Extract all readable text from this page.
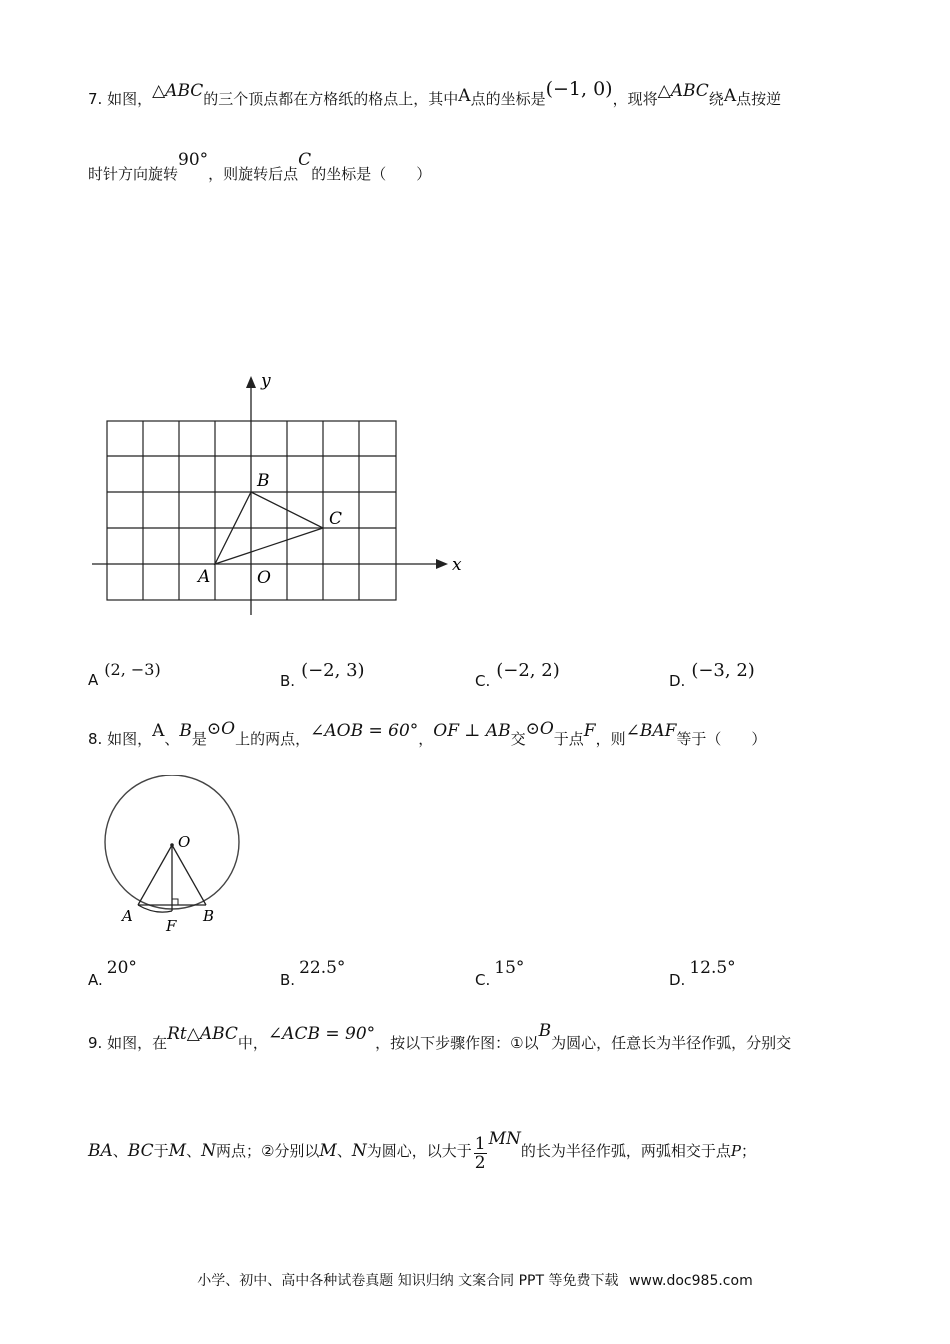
7. 如图，△ABC的三个顶点都在方格纸的格点上，其中A点的坐标是(−1, 0)，现将△ABC绕A点按逆
时针方向旋转90°，则旋转后点C的坐标是（　　）
x
y
A
B
C
O
A(2, −3)
B. (−2, 3)	C. (−2, 2)	D. (−3, 2)
8. 如图，A、B是⊙O上的两点，∠AOB = 60°，OF ⊥ AB交⊙O于点F，则∠BAF等于（　　）
O
A	B
F
A.20°
B.22.5°
C.15°
D.12.5°
9. 如图，在Rt△ABC中，∠ACB = 90°，按以下步骤作图：①以B为圆心，任意长为半径作弧，分别交
BA、BC于M、N两点；②分别以M、N为圆心，以大于 $\frac{1}{2}$ MN的长为半径作弧，两弧相交于点P；
小学、初中、高中各种试卷真题 知识归纳 文案合同 PPT 等免费下载 www.doc985.com
